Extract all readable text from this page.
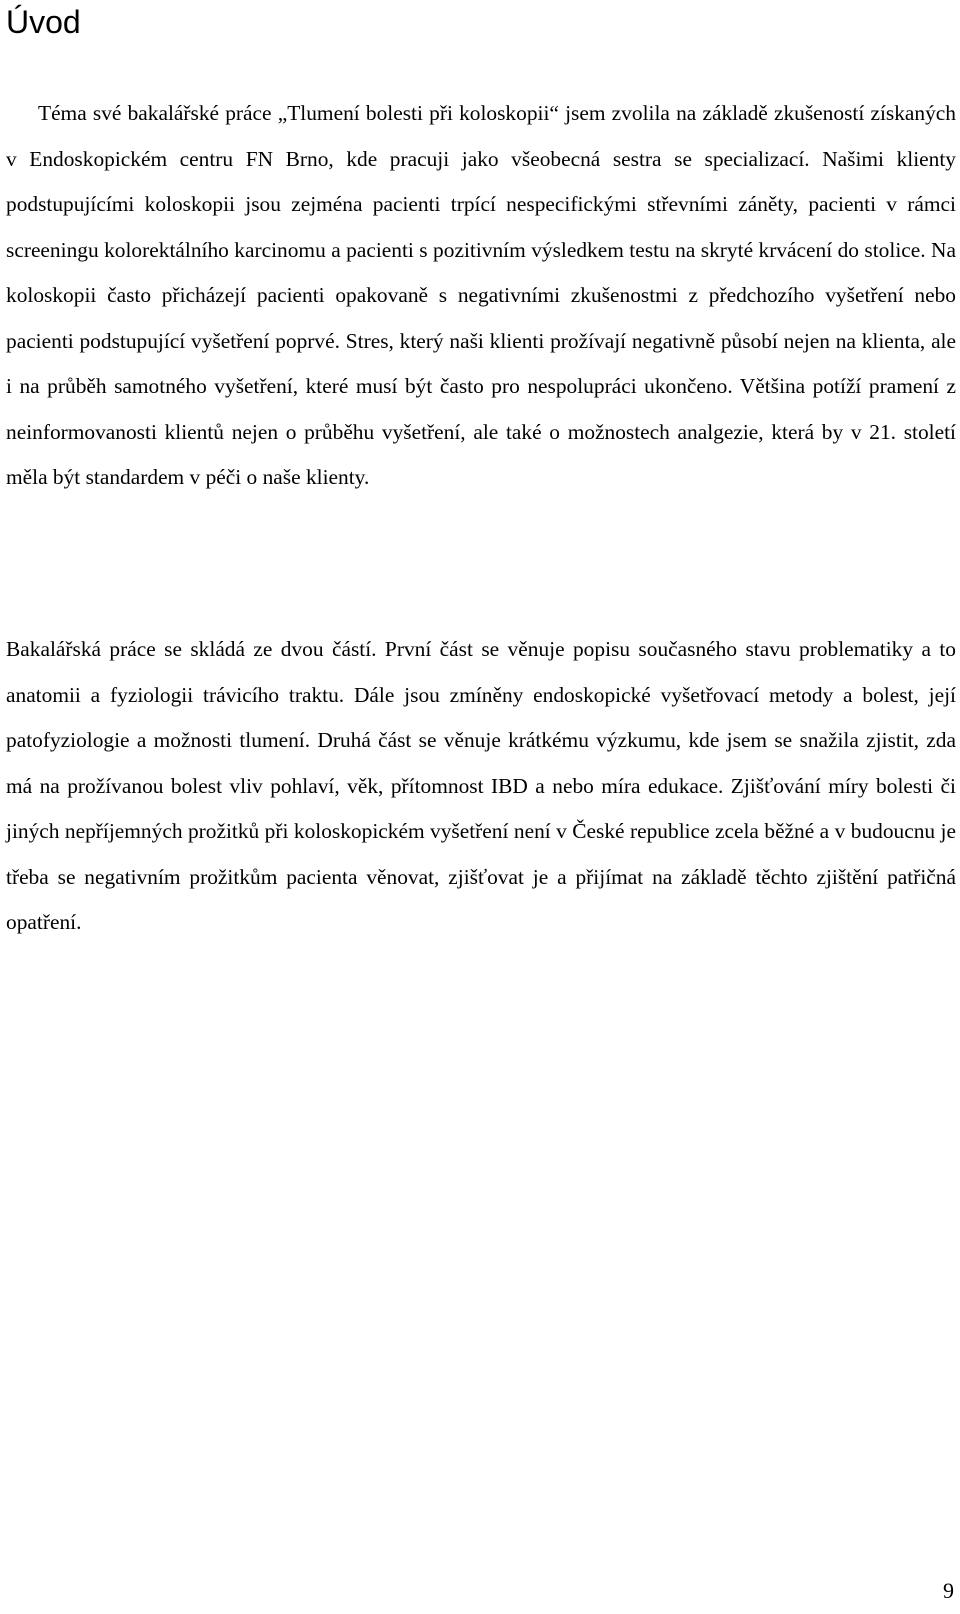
Úvod

Téma své bakalářské práce „Tlumení bolesti při koloskopii“ jsem zvolila na základě zkušeností získaných v Endoskopickém centru FN Brno, kde pracuji jako všeobecná sestra se specializací. Našimi klienty podstupujícími koloskopii jsou zejména pacienti trpící nespecifickými střevními záněty, pacienti v rámci screeningu kolorektálního karcinomu a pacienti s pozitivním výsledkem testu na skryté krvácení do stolice. Na koloskopii často přicházejí pacienti opakovaně s negativními zkušenostmi z předchozího vyšetření nebo pacienti podstupující vyšetření poprvé. Stres, který naši klienti prožívají negativně působí nejen na klienta, ale i na průběh samotného vyšetření, které musí být často pro nespolupráci ukončeno. Většina potíží pramení z neinformovanosti klientů nejen o průběhu vyšetření, ale také o možnostech analgezie, která by v 21. století měla být standardem v péči o naše klienty.

Bakalářská práce se skládá ze dvou částí. První část se věnuje popisu současného stavu problematiky a to anatomii a fyziologii trávicího traktu. Dále jsou zmíněny endoskopické vyšetřovací metody a bolest, její patofyziologie a možnosti tlumení. Druhá část se věnuje krátkému výzkumu, kde jsem se snažila zjistit, zda má na prožívanou bolest vliv pohlaví, věk, přítomnost IBD a nebo míra edukace. Zjišťování míry bolesti či jiných nepříjemných prožitků při koloskopickém vyšetření není v České republice zcela běžné a v budoucnu je třeba se negativním prožitkům pacienta věnovat, zjišťovat je a přijímat na základě těchto zjištění patřičná opatření.

9
